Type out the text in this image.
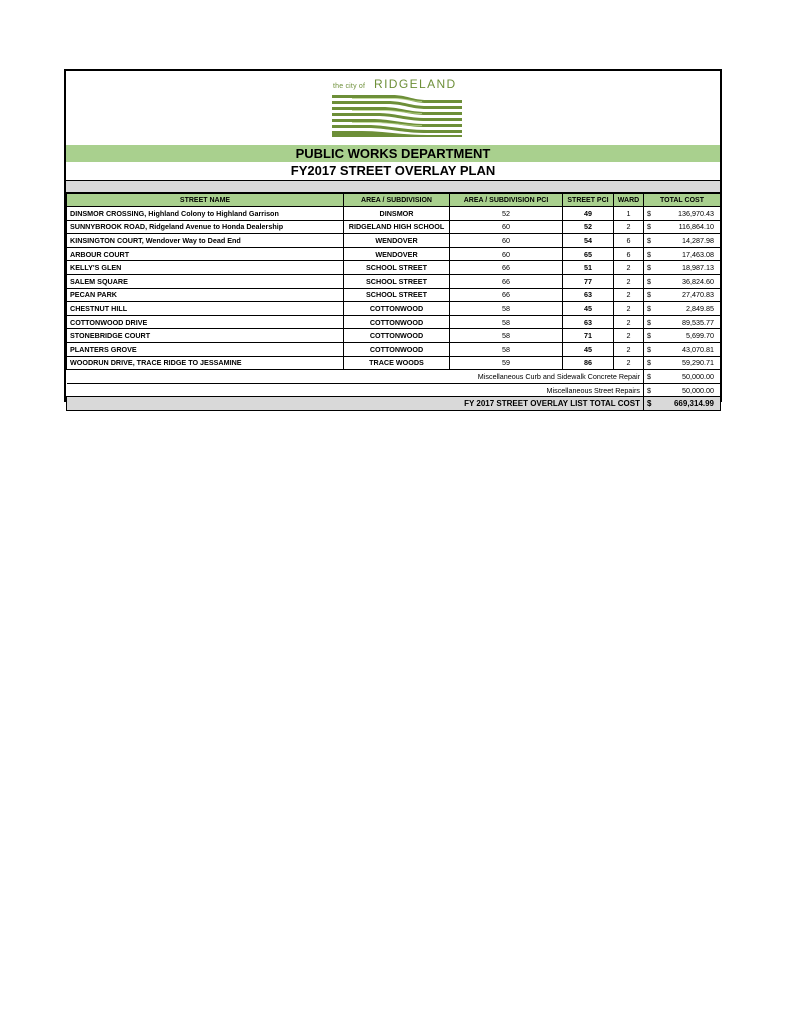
the city of RIDGELAND
PUBLIC WORKS DEPARTMENT
FY2017 STREET OVERLAY PLAN
STREET NAME	AREA / SUBDIVISION	AREA / SUBDIVISION PCI	STREET PCI	WARD	TOTAL COST	
DINSMOR CROSSING, Highland Colony to Highland Garrison	DINSMOR	52	49	1	$	136,970.43
SUNNYBROOK ROAD, Ridgeland Avenue to Honda Dealership	RIDGELAND HIGH SCHOOL	60	52	2	$	116,864.10
KINSINGTON COURT, Wendover Way to Dead End	WENDOVER	60	54	6	$	14,287.98
ARBOUR COURT	WENDOVER	60	65	6	$	17,463.08
KELLY'S GLEN	SCHOOL STREET	66	51	2	$	18,987.13
SALEM SQUARE	SCHOOL STREET	66	77	2	$	36,824.60
PECAN PARK	SCHOOL STREET	66	63	2	$	27,470.83
CHESTNUT HILL	COTTONWOOD	58	45	2	$	2,849.85
COTTONWOOD DRIVE	COTTONWOOD	58	63	2	$	89,535.77
STONEBRIDGE COURT	COTTONWOOD	58	71	2	$	5,699.70
PLANTERS GROVE	COTTONWOOD	58	45	2	$	43,070.81
WOODRUN DRIVE, TRACE RIDGE TO JESSAMINE	TRACE WOODS	59	86	2	$	59,290.71
Miscellaneous Curb and Sidewalk Concrete Repair					$	50,000.00
Miscellaneous Street Repairs					$	50,000.00
FY 2017 STREET OVERLAY LIST TOTAL COST					$	669,314.99
